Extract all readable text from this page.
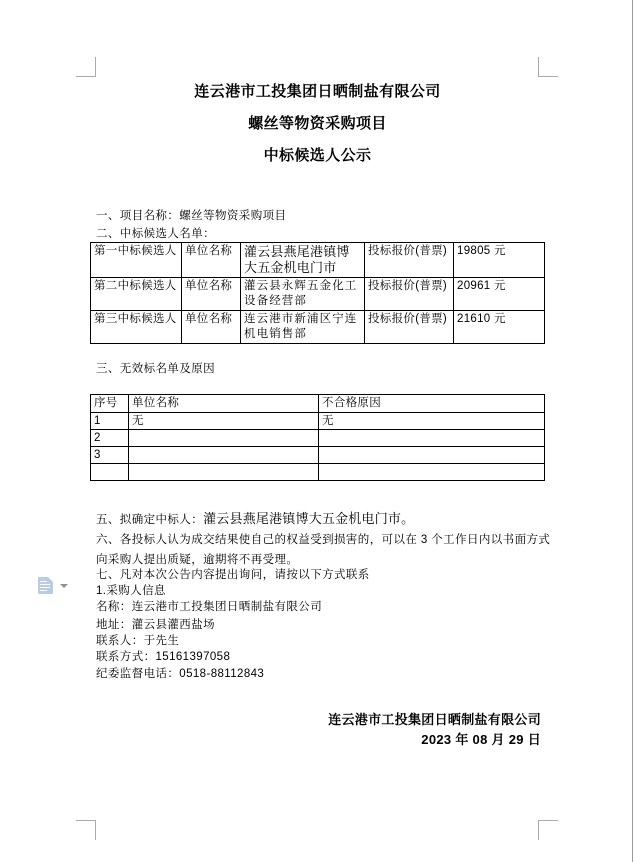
连云港市工投集团日晒制盐有限公司
螺丝等物资采购项目
中标候选人公示
一、项目名称：螺丝等物资采购项目
二、中标候选人名单：
第一中标候选人	单位名称	灌云县燕尾港镇博大五金机电门市	投标报价(普票)	19805 元
第二中标候选人	单位名称	灌云县永辉五金化工设备经营部	投标报价(普票)	20961 元
第三中标候选人	单位名称	连云港市新浦区宁连机电销售部	投标报价(普票)	21610 元
三、无效标名单及原因
序号	单位名称	不合格原因
1	无	无
2		
3		

五、拟确定中标人：灌云县燕尾港镇博大五金机电门市。
六、各投标人认为成交结果使自己的权益受到损害的，可以在 3 个工作日内以书面方式向采购人提出质疑，逾期将不再受理。
七、凡对本次公告内容提出询问，请按以下方式联系
1.采购人信息
名称：连云港市工投集团日晒制盐有限公司
地址：灌云县灌西盐场
联系人：于先生
联系方式：15161397058
纪委监督电话：0518-88112843
连云港市工投集团日晒制盐有限公司
2023 年 08 月 29 日
